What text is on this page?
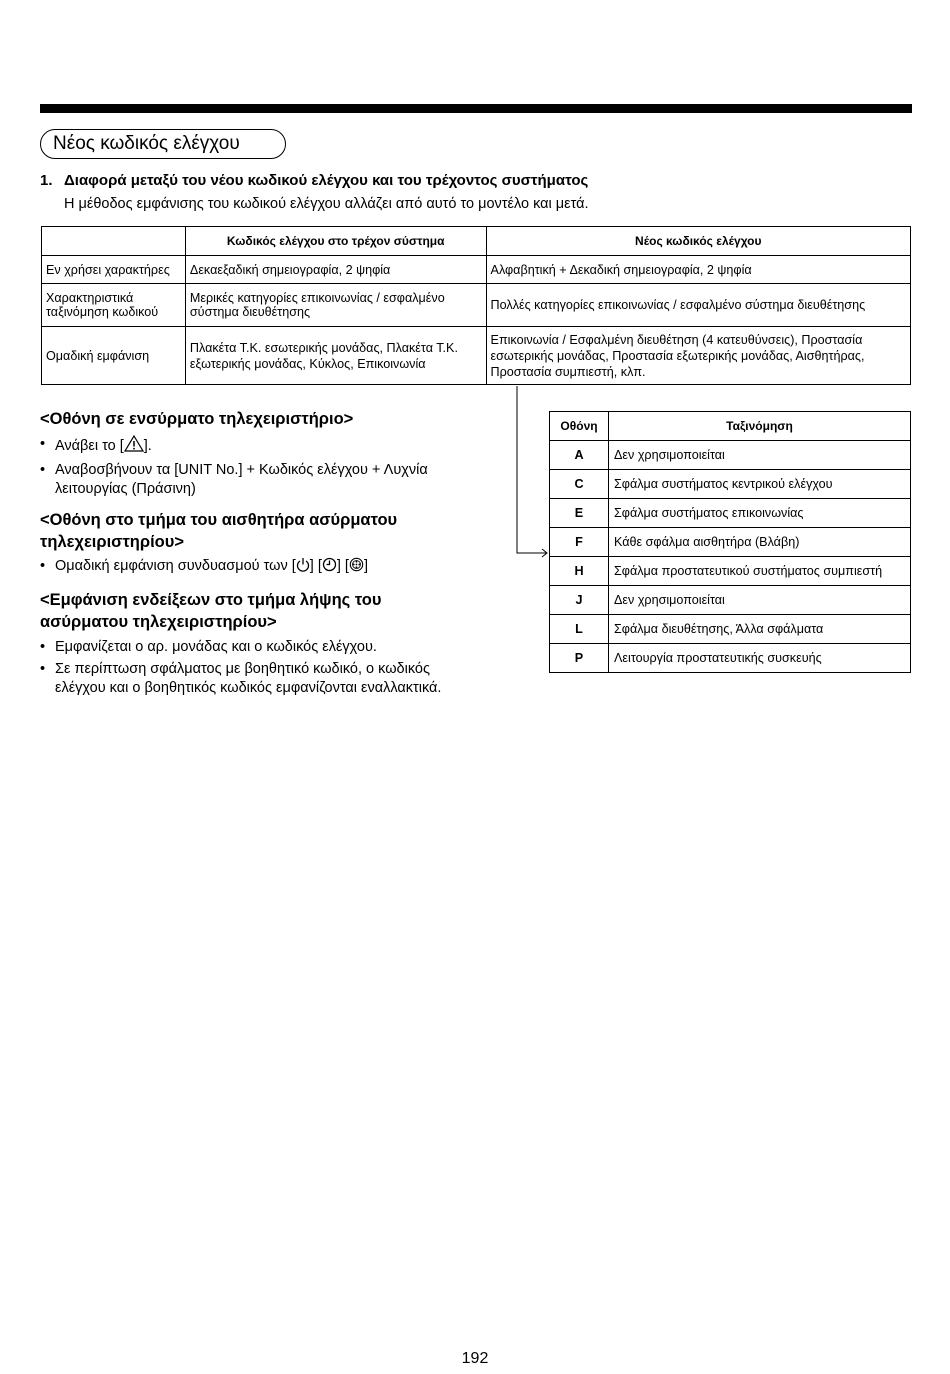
Νέος κωδικός ελέγχου
1. Διαφορά μεταξύ του νέου κωδικού ελέγχου και του τρέχοντος συστήματος
Η μέθοδος εμφάνισης του κωδικού ελέγχου αλλάζει από αυτό το μοντέλο και μετά.
	Κωδικός ελέγχου στο τρέχον σύστημα	Νέος κωδικός ελέγχου
Εν χρήσει χαρακτήρες	Δεκαεξαδική σημειογραφία, 2 ψηφία	Αλφαβητική + Δεκαδική σημειογραφία, 2 ψηφία
Χαρακτηριστικά ταξινόμηση κωδικού	Μερικές κατηγορίες επικοινωνίας / εσφαλμένο σύστημα διευθέτησης	Πολλές κατηγορίες επικοινωνίας / εσφαλμένο σύστημα διευθέτησης
Ομαδική εμφάνιση	Πλακέτα Τ.Κ. εσωτερικής μονάδας, Πλακέτα Τ.Κ. εξωτερικής μονάδας, Κύκλος, Επικοινωνία	Επικοινωνία / Εσφαλμένη διευθέτηση (4 κατευθύνσεις), Προστασία εσωτερικής μονάδας, Προστασία εξωτερικής μονάδας, Αισθητήρας, Προστασία συμπιεστή, κλπ.
<Οθόνη σε ενσύρματο τηλεχειριστήριο>
• Ανάβει το [ ].
• Αναβοσβήνουν τα [UNIT No.] + Κωδικός ελέγχου + Λυχνία λειτουργίας (Πράσινη)
<Οθόνη στο τμήμα του αισθητήρα ασύρματου τηλεχειριστηρίου>
• Ομαδική εμφάνιση συνδυασμού των [ ] [ ] [ ]
<Εμφάνιση ενδείξεων στο τμήμα λήψης του ασύρματου τηλεχειριστηρίου>
• Εμφανίζεται ο αρ. μονάδας και ο κωδικός ελέγχου.
• Σε περίπτωση σφάλματος με βοηθητικό κωδικό, ο κωδικός ελέγχου και ο βοηθητικός κωδικός εμφανίζονται εναλλακτικά.
Οθόνη	Ταξινόμηση
A	Δεν χρησιμοποιείται
C	Σφάλμα συστήματος κεντρικού ελέγχου
E	Σφάλμα συστήματος επικοινωνίας
F	Κάθε σφάλμα αισθητήρα (Βλάβη)
H	Σφάλμα προστατευτικού συστήματος συμπιεστή
J	Δεν χρησιμοποιείται
L	Σφάλμα διευθέτησης, Άλλα σφάλματα
P	Λειτουργία προστατευτικής συσκευής
192
